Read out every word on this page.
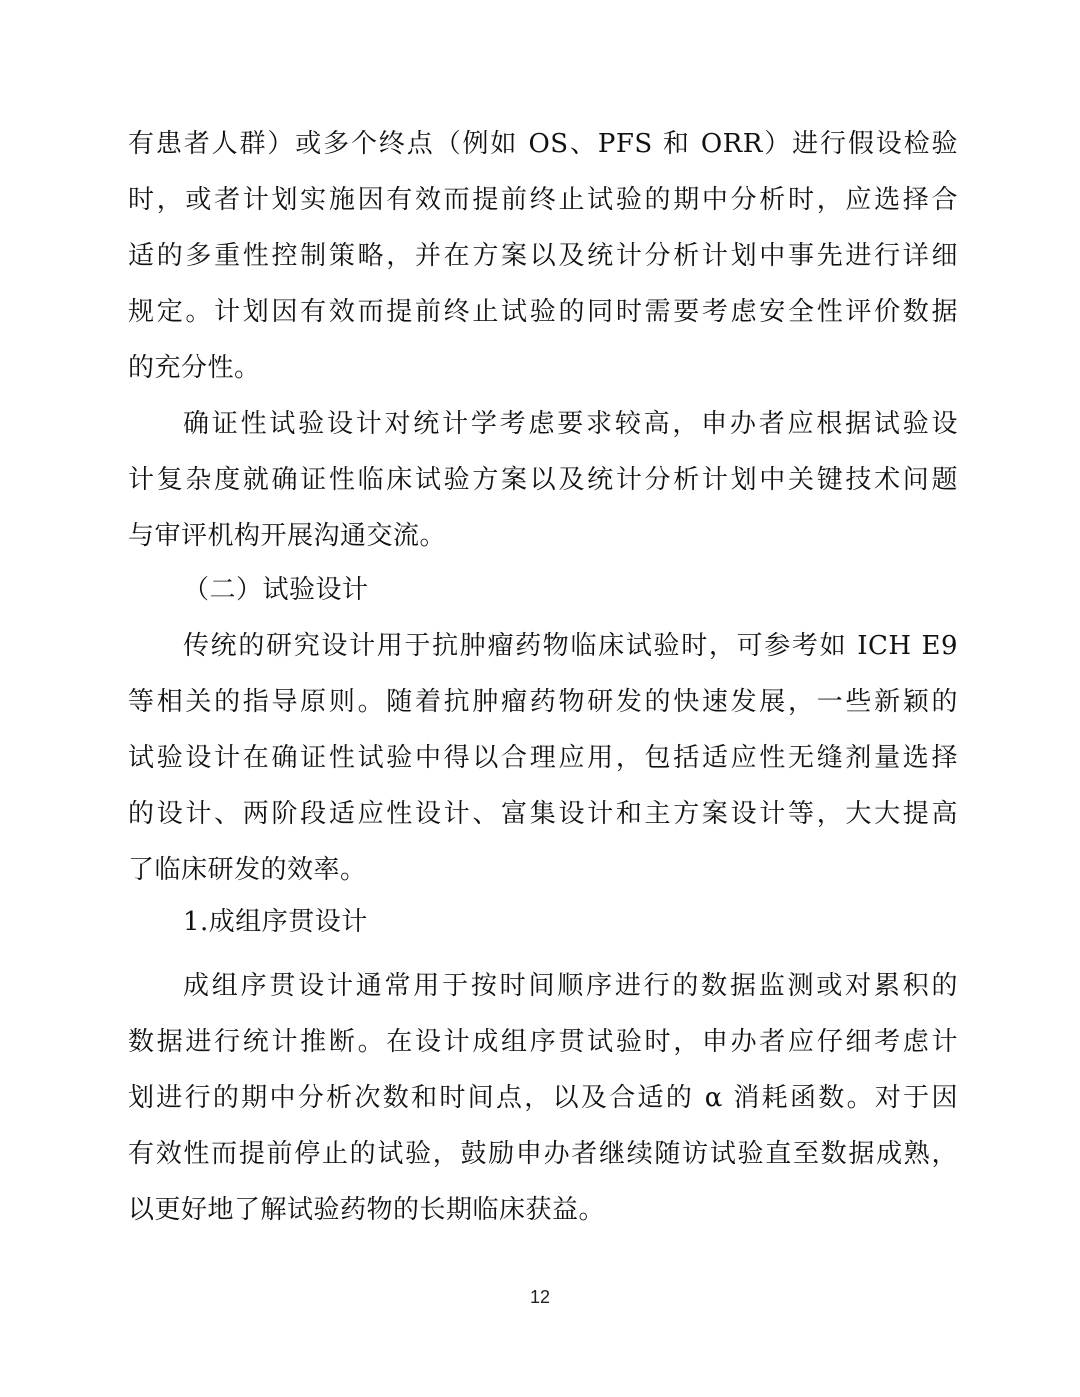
有患者人群）或多个终点（例如 OS、PFS 和 ORR）进行假设检验
时，或者计划实施因有效而提前终止试验的期中分析时，应选择合
适的多重性控制策略，并在方案以及统计分析计划中事先进行详细
规定。计划因有效而提前终止试验的同时需要考虑安全性评价数据
的充分性。
确证性试验设计对统计学考虑要求较高，申办者应根据试验设
计复杂度就确证性临床试验方案以及统计分析计划中关键技术问题
与审评机构开展沟通交流。
（二）试验设计
传统的研究设计用于抗肿瘤药物临床试验时，可参考如 ICH E9
等相关的指导原则。随着抗肿瘤药物研发的快速发展，一些新颖的
试验设计在确证性试验中得以合理应用，包括适应性无缝剂量选择
的设计、两阶段适应性设计、富集设计和主方案设计等，大大提高
了临床研发的效率。
1.成组序贯设计
成组序贯设计通常用于按时间顺序进行的数据监测或对累积的
数据进行统计推断。在设计成组序贯试验时，申办者应仔细考虑计
划进行的期中分析次数和时间点，以及合适的 α 消耗函数。对于因
有效性而提前停止的试验，鼓励申办者继续随访试验直至数据成熟，
以更好地了解试验药物的长期临床获益。
12
